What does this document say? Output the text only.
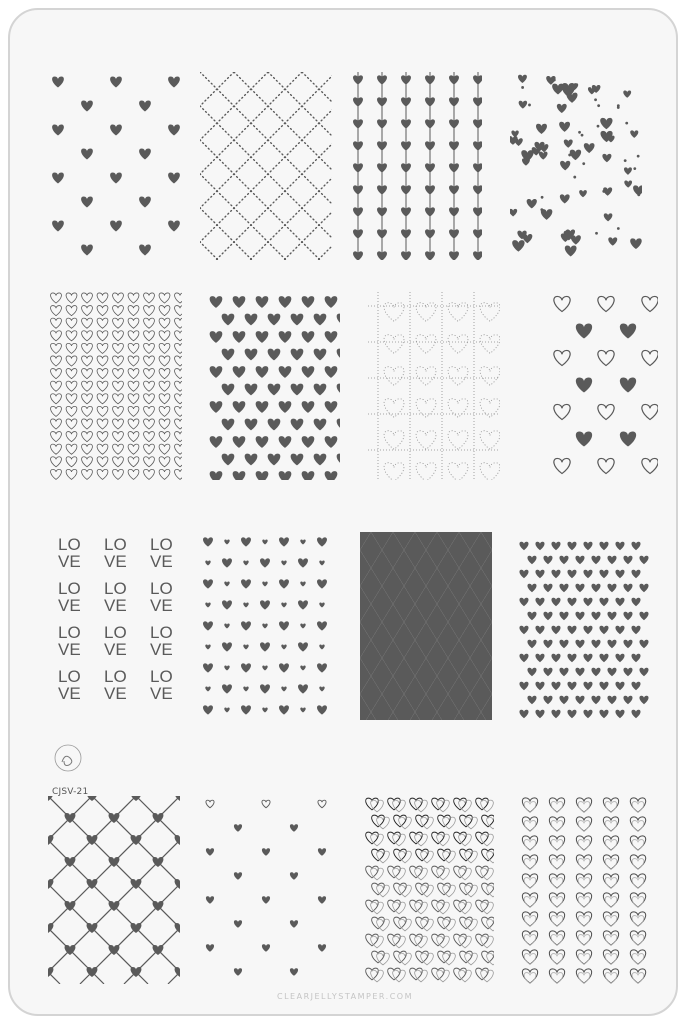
LO
VE
LO
VE
LO
VE
LO
VE
LO
VE
LO
VE
LO
VE
LO
VE
LO
VE
LO
VE
LO
VE
LO
VE
CJSV-21
CLEARJELLYSTAMPER.COM
